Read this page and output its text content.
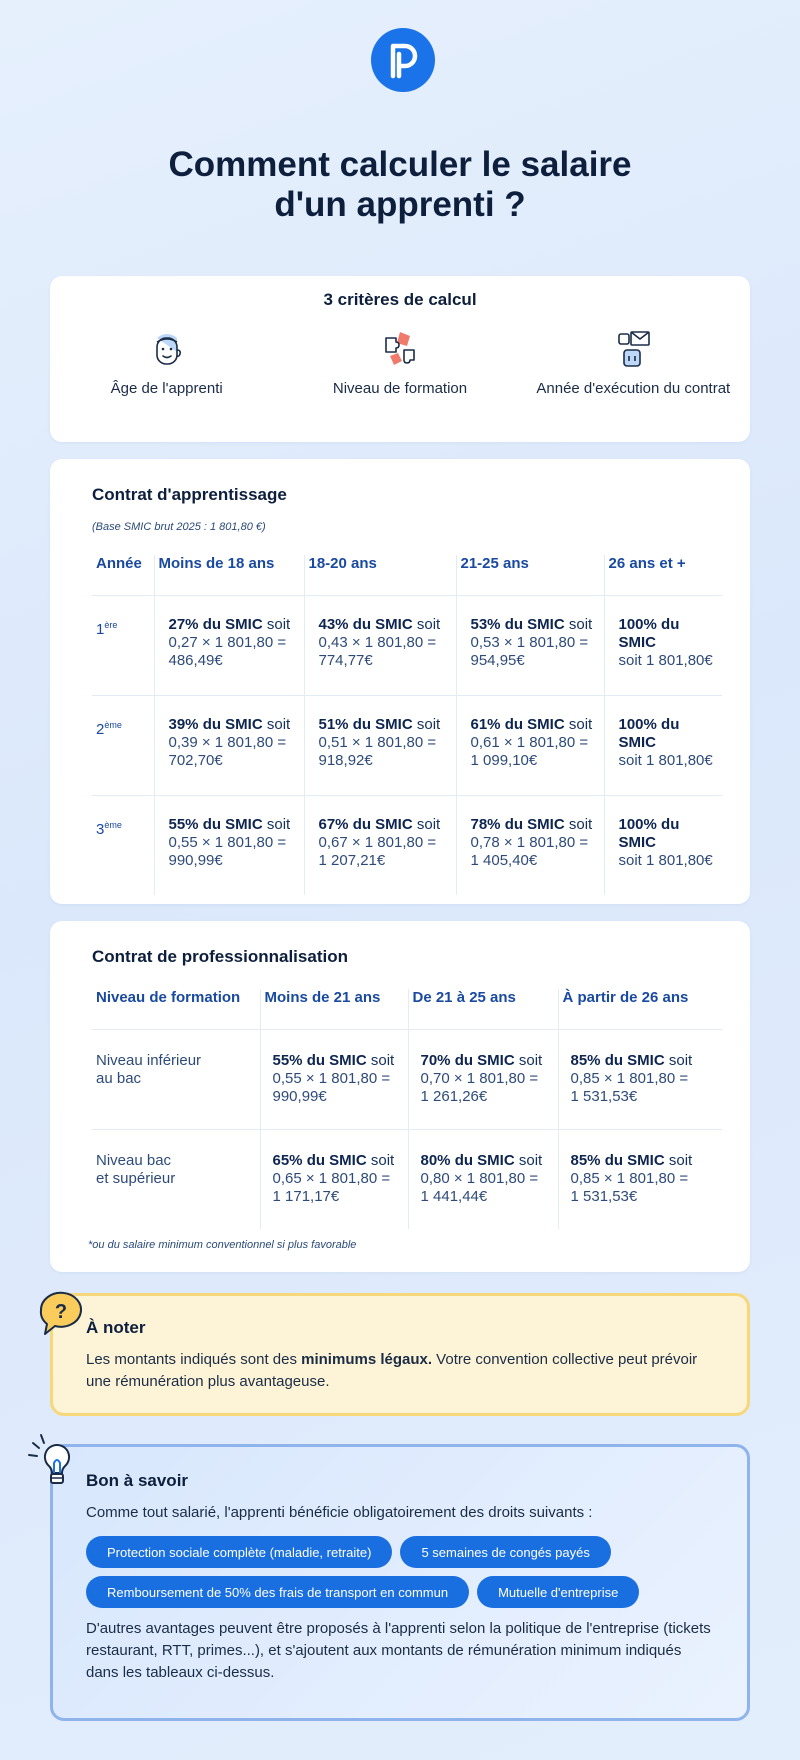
Comment calculer le salaire
d'un apprenti ?
3 critères de calcul
Âge de l'apprenti	Niveau de formation	Année d'exécution du contrat
Contrat d'apprentissage
(Base SMIC brut 2025 : 1 801,80 €)
Année	Moins de 18 ans	18-20 ans	21-25 ans	26 ans et +
1ère	27% du SMIC soit
0,27 × 1 801,80 =
486,49€	43% du SMIC soit
0,43 × 1 801,80 =
774,77€	53% du SMIC soit
0,53 × 1 801,80 =
954,95€	100% du SMIC
soit 1 801,80€
2ème	39% du SMIC soit
0,39 × 1 801,80 =
702,70€	51% du SMIC soit
0,51 × 1 801,80 =
918,92€	61% du SMIC soit
0,61 × 1 801,80 =
1 099,10€	100% du SMIC
soit 1 801,80€
3ème	55% du SMIC soit
0,55 × 1 801,80 =
990,99€	67% du SMIC soit
0,67 × 1 801,80 =
1 207,21€	78% du SMIC soit
0,78 × 1 801,80 =
1 405,40€	100% du SMIC
soit 1 801,80€
Contrat de professionnalisation
Niveau de formation	Moins de 21 ans	De 21 à 25 ans	À partir de 26 ans
Niveau inférieur
au bac	55% du SMIC soit
0,55 × 1 801,80 =
990,99€	70% du SMIC soit
0,70 × 1 801,80 =
1 261,26€	85% du SMIC soit
0,85 × 1 801,80 =
1 531,53€
Niveau bac
et supérieur	65% du SMIC soit
0,65 × 1 801,80 =
1 171,17€	80% du SMIC soit
0,80 × 1 801,80 =
1 441,44€	85% du SMIC soit
0,85 × 1 801,80 =
1 531,53€
*ou du salaire minimum conventionnel si plus favorable
?
À noter
Les montants indiqués sont des minimums légaux. Votre convention collective peut prévoir une rémunération plus avantageuse.
Bon à savoir
Comme tout salarié, l'apprenti bénéficie obligatoirement des droits suivants :
Protection sociale complète (maladie, retraite)	5 semaines de congés payés
Remboursement de 50% des frais de transport en commun	Mutuelle d'entreprise
D'autres avantages peuvent être proposés à l'apprenti selon la politique de l'entreprise (tickets restaurant, RTT, primes...), et s'ajoutent aux montants de rémunération minimum indiqués dans les tableaux ci-dessus.
